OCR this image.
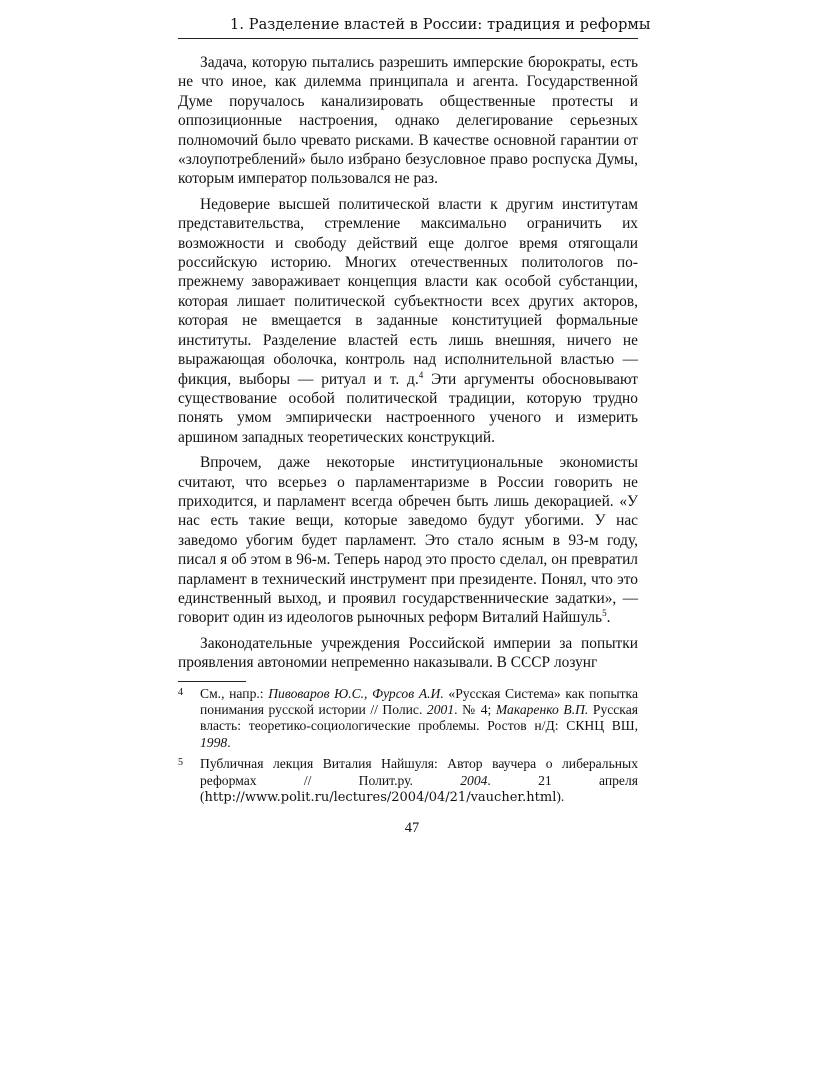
1. Разделение властей в России: традиция и реформы

Задача, которую пытались разрешить имперские бюрократы, есть не что иное, как дилемма принципала и агента. Государственной Думе поручалось канализировать общественные протесты и оппозиционные настроения, однако делегирование серьезных полномочий было чревато рисками. В качестве основной гарантии от «злоупотреблений» было избрано безусловное право роспуска Думы, которым император пользовался не раз.

Недоверие высшей политической власти к другим институтам представительства, стремление максимально ограничить их возможности и свободу действий еще долгое время отягощали российскую историю. Многих отечественных политологов по-прежнему завораживает концепция власти как особой субстанции, которая лишает политической субъектности всех других акторов, которая не вмещается в заданные конституцией формальные институты. Разделение властей есть лишь внешняя, ничего не выражающая оболочка, контроль над исполнительной властью — фикция, выборы — ритуал и т. д.$^4$ Эти аргументы обосновывают существование особой политической традиции, которую трудно понять умом эмпирически настроенного ученого и измерить аршином западных теоретических конструкций.

Впрочем, даже некоторые институциональные экономисты считают, что всерьез о парламентаризме в России говорить не приходится, и парламент всегда обречен быть лишь декорацией. «У нас есть такие вещи, которые заведомо будут убогими. У нас заведомо убогим будет парламент. Это стало ясным в 93-м году, писал я об этом в 96-м. Теперь народ это просто сделал, он превратил парламент в технический инструмент при президенте. Понял, что это единственный выход, и проявил государственнические задатки», — говорит один из идеологов рыночных реформ Виталий Найшуль$^5$.

Законодательные учреждения Российской империи за попытки проявления автономии непременно наказывали. В СССР лозунг

4 См., напр.: Пивоваров Ю.С., Фурсов А.И. «Русская Система» как попытка понимания русской истории // Полис. 2001. № 4; Макаренко В.П. Русская власть: теоретико-социологические проблемы. Ростов н/Д: СКНЦ ВШ, 1998.
5 Публичная лекция Виталия Найшуля: Автор ваучера о либеральных реформах // Полит.ру. 2004. 21 апреля (http://www.polit.ru/lectures/2004/04/21/vaucher.html).
47
